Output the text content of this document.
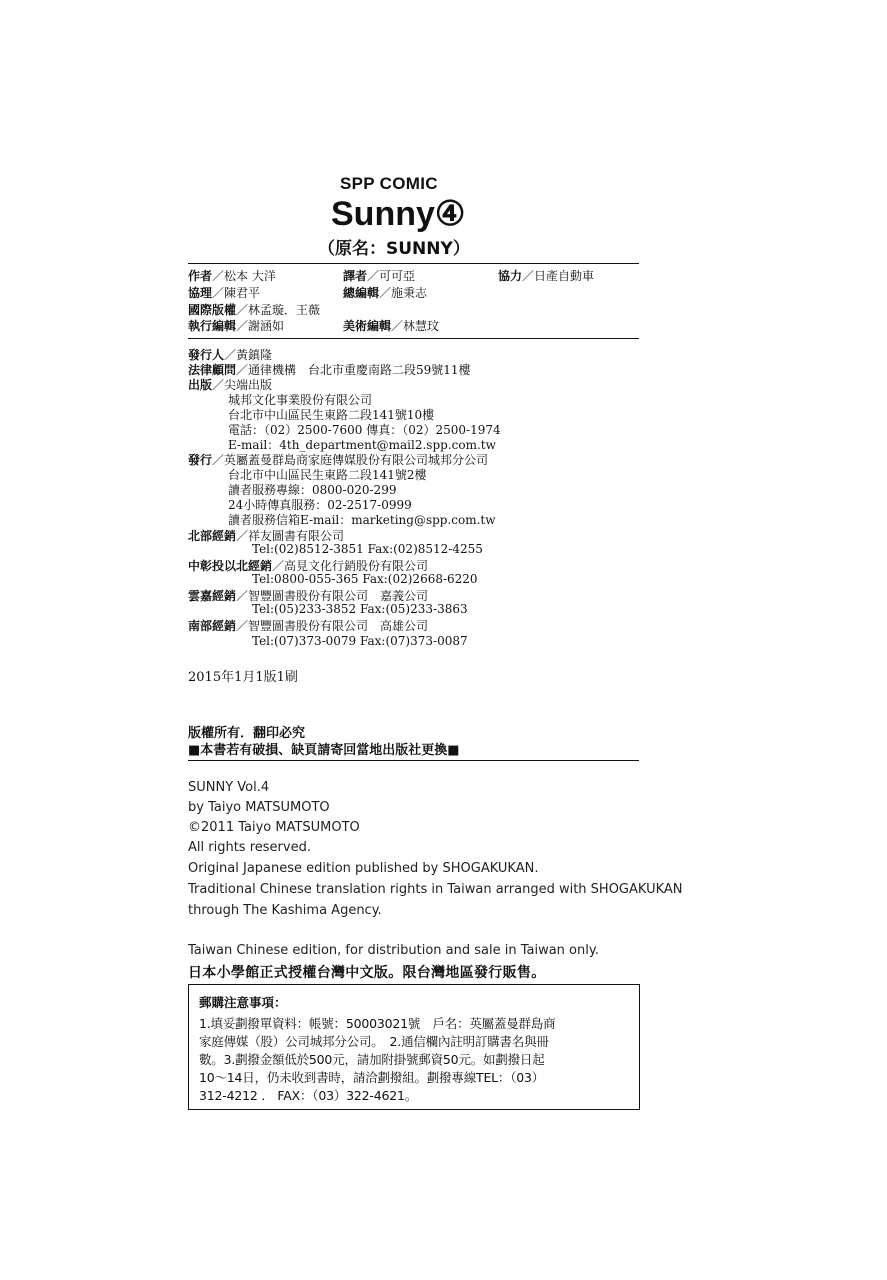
SPP COMIC
Sunny④
（原名：SUNNY）
作者／松本 大洋	譯者／可可亞	協力／日產自動車
協理／陳君平	總編輯／施秉志
國際版權／林孟璇．王薇
執行編輯／謝涵如	美術編輯／林慧玟
發行人／黃鎮隆
法律顧問／通律機構　台北市重慶南路二段59號11樓
出版／尖端出版
城邦文化事業股份有限公司
台北市中山區民生東路二段141號10樓
電話：（02）2500-7600 傳真：（02）2500-1974
E-mail：4th_department@mail2.spp.com.tw
發行／英屬蓋曼群島商家庭傳媒股份有限公司城邦分公司
台北市中山區民生東路二段141號2樓
讀者服務專線：0800-020-299
24小時傳真服務：02-2517-0999
讀者服務信箱E-mail：marketing@spp.com.tw
北部經銷／祥友圖書有限公司
Tel:(02)8512-3851 Fax:(02)8512-4255
中彰投以北經銷／高見文化行銷股份有限公司
Tel:0800-055-365 Fax:(02)2668-6220
雲嘉經銷／智豐圖書股份有限公司　嘉義公司
Tel:(05)233-3852 Fax:(05)233-3863
南部經銷／智豐圖書股份有限公司　高雄公司
Tel:(07)373-0079 Fax:(07)373-0087
2015年1月1版1刷
版權所有．翻印必究
■本書若有破損、缺頁請寄回當地出版社更換■
SUNNY Vol.4
by Taiyo MATSUMOTO
©2011 Taiyo MATSUMOTO
All rights reserved.
Original Japanese edition published by SHOGAKUKAN.
Traditional Chinese translation rights in Taiwan arranged with SHOGAKUKAN
through The Kashima Agency.
Taiwan Chinese edition, for distribution and sale in Taiwan only.
日本小學館正式授權台灣中文版。限台灣地區發行販售。
郵購注意事項：
1.填妥劃撥單資料：帳號：50003021號　戶名：英屬蓋曼群島商
家庭傳媒（股）公司城邦分公司。　2.通信欄內註明訂購書名與冊
數。3.劃撥金額低於500元，請加附掛號郵資50元。如劃撥日起
10～14日，仍未收到書時，請洽劃撥組。劃撥專線TEL：（03）
312-4212 ． FAX：（03）322-4621。
